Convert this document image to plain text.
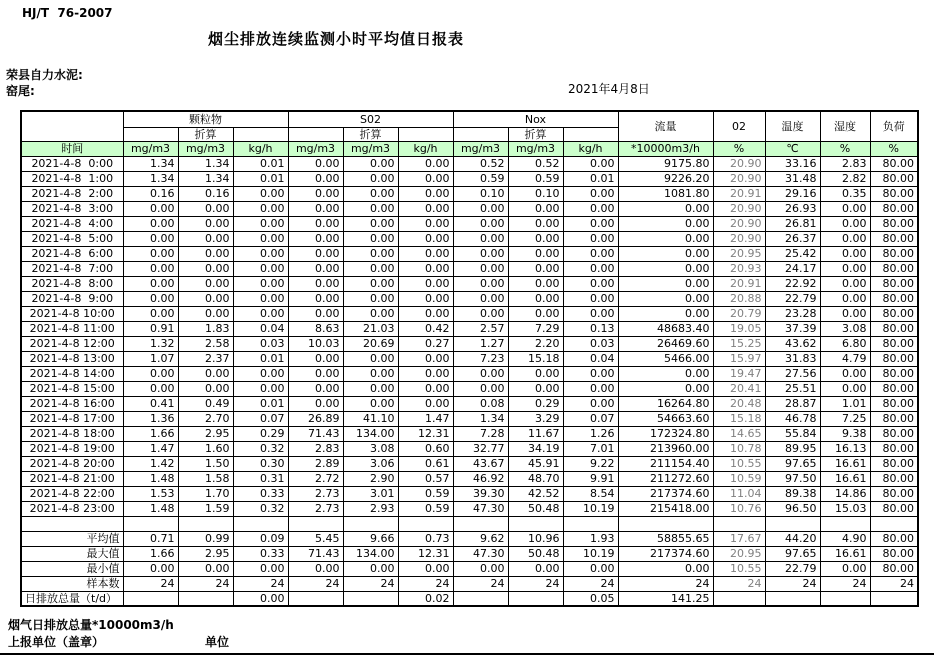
HJ/T  76-2007
烟尘排放连续监测小时平均值日报表
荣县自力水泥:
窑尾:	2021年4月8日
	颗粒物			S02			Nox			流量	02	温度	湿度	负荷
		折算			折算			折算						
时间	mg/m3	mg/m3	kg/h	mg/m3	mg/m3	kg/h	mg/m3	mg/m3	kg/h	*10000m3/h	%	℃	%	%
2021-4-8  0:00	1.34	1.34	0.01	0.00	0.00	0.00	0.52	0.52	0.00	9175.80	20.90	33.16	2.83	80.00
2021-4-8  1:00	1.34	1.34	0.01	0.00	0.00	0.00	0.59	0.59	0.01	9226.20	20.90	31.48	2.82	80.00
2021-4-8  2:00	0.16	0.16	0.00	0.00	0.00	0.00	0.10	0.10	0.00	1081.80	20.91	29.16	0.35	80.00
2021-4-8  3:00	0.00	0.00	0.00	0.00	0.00	0.00	0.00	0.00	0.00	0.00	20.90	26.93	0.00	80.00
2021-4-8  4:00	0.00	0.00	0.00	0.00	0.00	0.00	0.00	0.00	0.00	0.00	20.90	26.81	0.00	80.00
2021-4-8  5:00	0.00	0.00	0.00	0.00	0.00	0.00	0.00	0.00	0.00	0.00	20.90	26.37	0.00	80.00
2021-4-8  6:00	0.00	0.00	0.00	0.00	0.00	0.00	0.00	0.00	0.00	0.00	20.95	25.42	0.00	80.00
2021-4-8  7:00	0.00	0.00	0.00	0.00	0.00	0.00	0.00	0.00	0.00	0.00	20.93	24.17	0.00	80.00
2021-4-8  8:00	0.00	0.00	0.00	0.00	0.00	0.00	0.00	0.00	0.00	0.00	20.91	22.92	0.00	80.00
2021-4-8  9:00	0.00	0.00	0.00	0.00	0.00	0.00	0.00	0.00	0.00	0.00	20.88	22.79	0.00	80.00
2021-4-8 10:00	0.00	0.00	0.00	0.00	0.00	0.00	0.00	0.00	0.00	0.00	20.79	23.28	0.00	80.00
2021-4-8 11:00	0.91	1.83	0.04	8.63	21.03	0.42	2.57	7.29	0.13	48683.40	19.05	37.39	3.08	80.00
2021-4-8 12:00	1.32	2.58	0.03	10.03	20.69	0.27	1.27	2.20	0.03	26469.60	15.25	43.62	6.80	80.00
2021-4-8 13:00	1.07	2.37	0.01	0.00	0.00	0.00	7.23	15.18	0.04	5466.00	15.97	31.83	4.79	80.00
2021-4-8 14:00	0.00	0.00	0.00	0.00	0.00	0.00	0.00	0.00	0.00	0.00	19.47	27.56	0.00	80.00
2021-4-8 15:00	0.00	0.00	0.00	0.00	0.00	0.00	0.00	0.00	0.00	0.00	20.41	25.51	0.00	80.00
2021-4-8 16:00	0.41	0.49	0.01	0.00	0.00	0.00	0.08	0.29	0.00	16264.80	20.48	28.87	1.01	80.00
2021-4-8 17:00	1.36	2.70	0.07	26.89	41.10	1.47	1.34	3.29	0.07	54663.60	15.18	46.78	7.25	80.00
2021-4-8 18:00	1.66	2.95	0.29	71.43	134.00	12.31	7.28	11.67	1.26	172324.80	14.65	55.84	9.38	80.00
2021-4-8 19:00	1.47	1.60	0.32	2.83	3.08	0.60	32.77	34.19	7.01	213960.00	10.78	89.95	16.13	80.00
2021-4-8 20:00	1.42	1.50	0.30	2.89	3.06	0.61	43.67	45.91	9.22	211154.40	10.55	97.65	16.61	80.00
2021-4-8 21:00	1.48	1.58	0.31	2.72	2.90	0.57	46.92	48.70	9.91	211272.60	10.59	97.50	16.61	80.00
2021-4-8 22:00	1.53	1.70	0.33	2.73	3.01	0.59	39.30	42.52	8.54	217374.60	11.04	89.38	14.86	80.00
2021-4-8 23:00	1.48	1.59	0.32	2.73	2.93	0.59	47.30	50.48	10.19	215418.00	10.76	96.50	15.03	80.00

平均值	0.71	0.99	0.09	5.45	9.66	0.73	9.62	10.96	1.93	58855.65	17.67	44.20	4.90	80.00
最大值	1.66	2.95	0.33	71.43	134.00	12.31	47.30	50.48	10.19	217374.60	20.95	97.65	16.61	80.00
最小值	0.00	0.00	0.00	0.00	0.00	0.00	0.00	0.00	0.00	0.00	10.55	22.79	0.00	80.00
样本数	24	24	24	24	24	24	24	24	24	24	24	24	24	24
日排放总量（t/d）			0.00			0.02			0.05	141.25				
烟气日排放总量*10000m3/h
上报单位（盖章）	单位
